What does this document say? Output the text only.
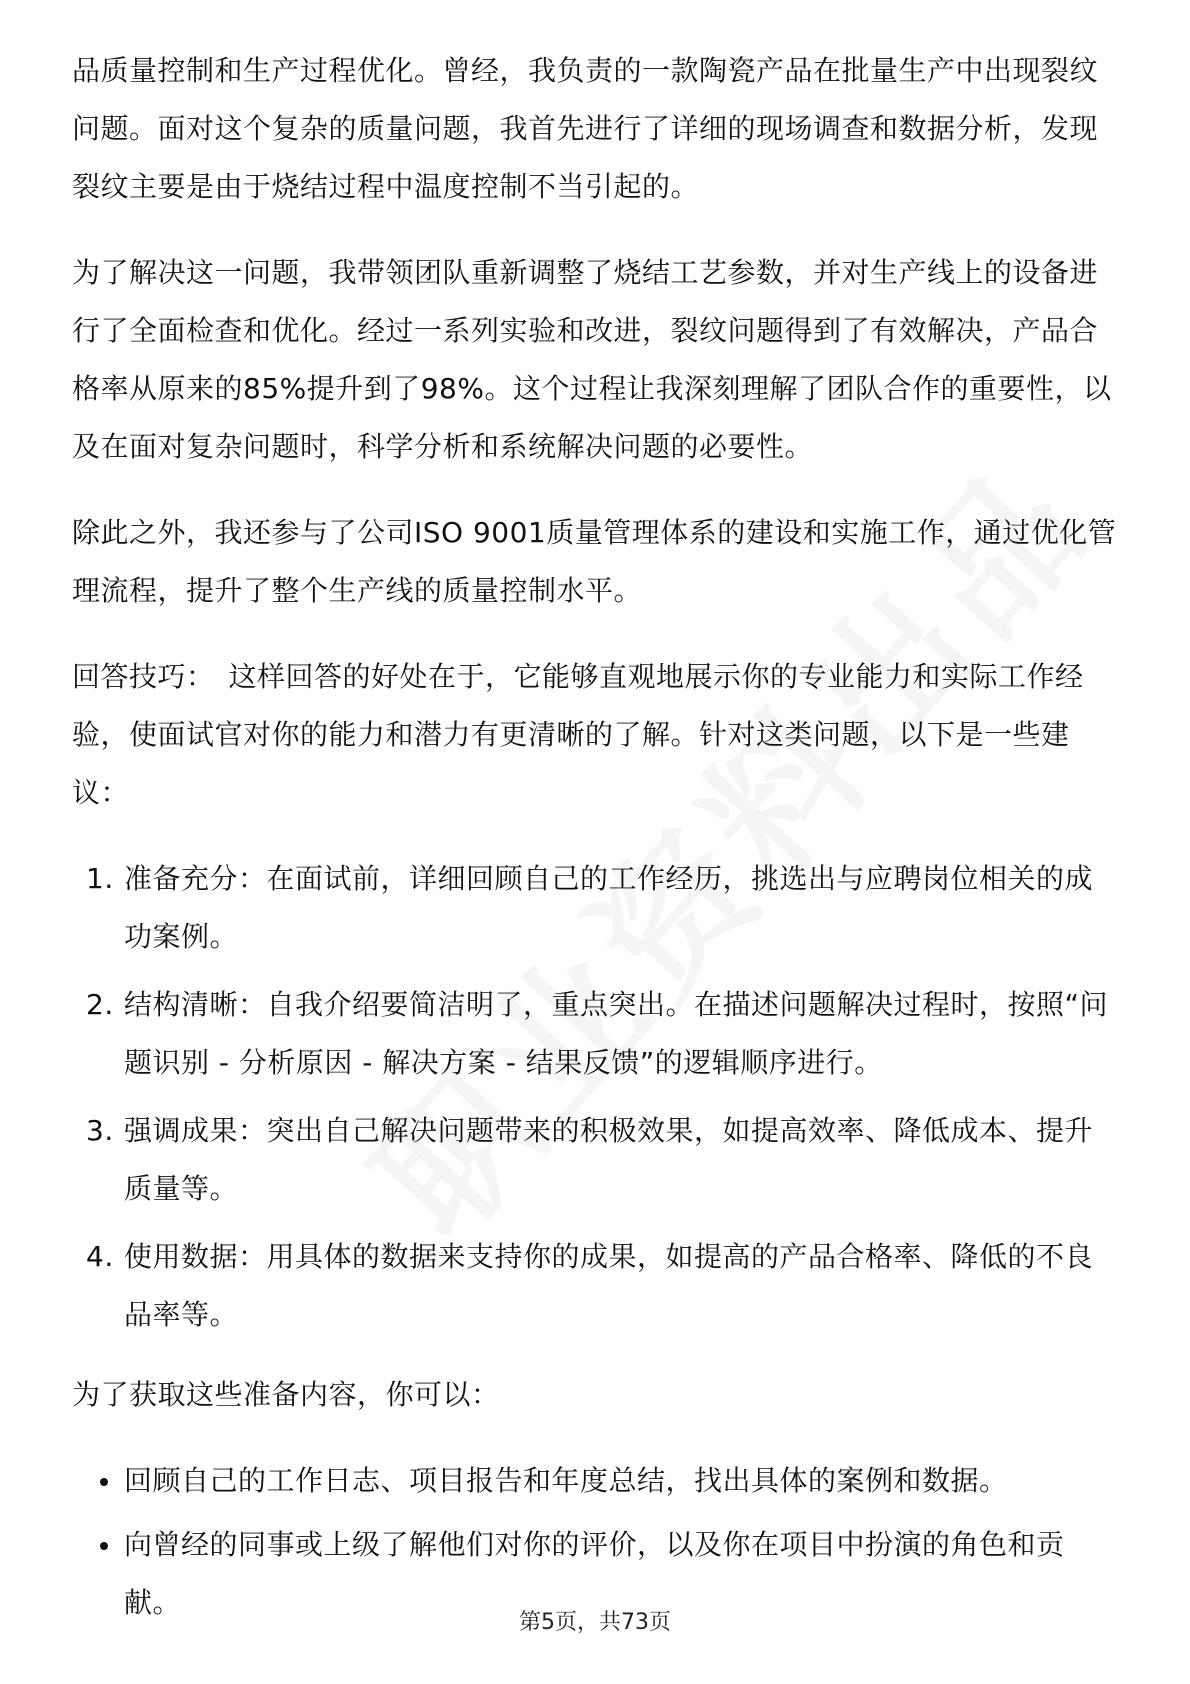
品质量控制和生产过程优化。曾经，我负责的一款陶瓷产品在批量生产中出现裂纹问题。面对这个复杂的质量问题，我首先进行了详细的现场调查和数据分析，发现裂纹主要是由于烧结过程中温度控制不当引起的。

为了解决这一问题，我带领团队重新调整了烧结工艺参数，并对生产线上的设备进行了全面检查和优化。经过一系列实验和改进，裂纹问题得到了有效解决，产品合格率从原来的85%提升到了98%。这个过程让我深刻理解了团队合作的重要性，以及在面对复杂问题时，科学分析和系统解决问题的必要性。

除此之外，我还参与了公司ISO 9001质量管理体系的建设和实施工作，通过优化管理流程，提升了整个生产线的质量控制水平。

回答技巧： 这样回答的好处在于，它能够直观地展示你的专业能力和实际工作经验，使面试官对你的能力和潜力有更清晰的了解。针对这类问题，以下是一些建议：

1. 准备充分：在面试前，详细回顾自己的工作经历，挑选出与应聘岗位相关的成功案例。
2. 结构清晰：自我介绍要简洁明了，重点突出。在描述问题解决过程时，按照“问题识别 - 分析原因 - 解决方案 - 结果反馈”的逻辑顺序进行。
3. 强调成果：突出自己解决问题带来的积极效果，如提高效率、降低成本、提升质量等。
4. 使用数据：用具体的数据来支持你的成果，如提高的产品合格率、降低的不良品率等。

为了获取这些准备内容，你可以：

回顾自己的工作日志、项目报告和年度总结，找出具体的案例和数据。
向曾经的同事或上级了解他们对你的评价，以及你在项目中扮演的角色和贡献。
第5页，共73页
